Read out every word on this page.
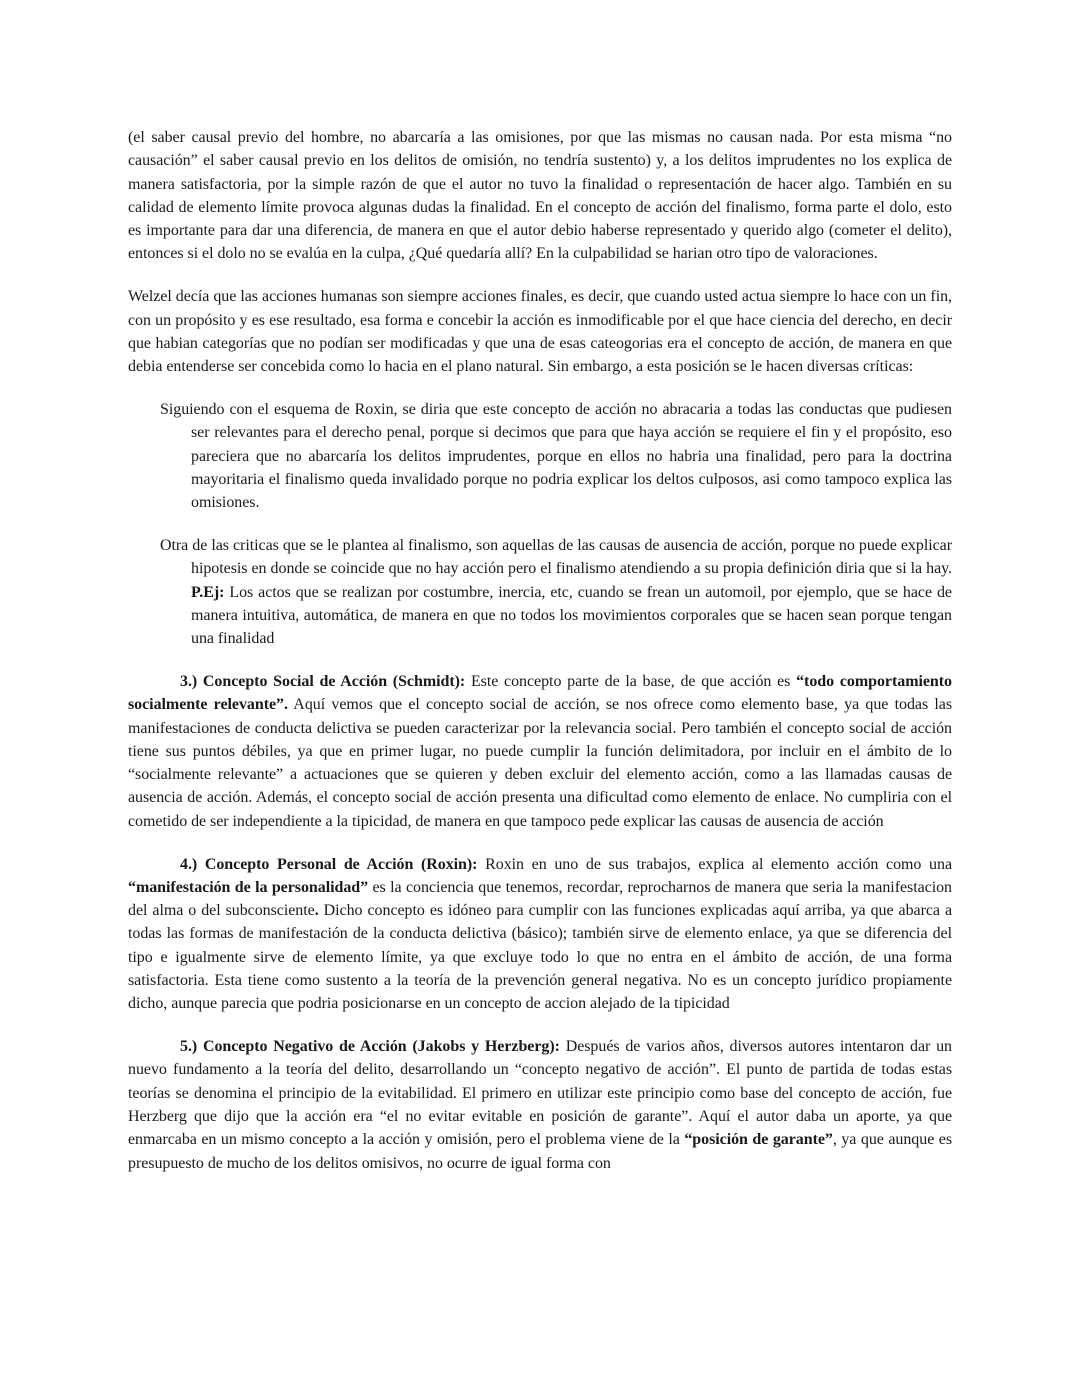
(el saber causal previo del hombre, no abarcaría a las omisiones, por que las mismas no causan nada. Por esta misma “no causación” el saber causal previo en los delitos de omisión, no tendría sustento) y, a los delitos imprudentes no los explica de manera satisfactoria, por la simple razón de que el autor no tuvo la finalidad o representación de hacer algo. También en su calidad de elemento límite provoca algunas dudas la finalidad. En el concepto de acción del finalismo, forma parte el dolo, esto es importante para dar una diferencia, de manera en que el autor debio haberse representado y querido algo (cometer el delito), entonces si el dolo no se evalúa en la culpa, ¿Qué quedaría allí? En la culpabilidad se harian otro tipo de valoraciones.

Welzel decía que las acciones humanas son siempre acciones finales, es decir, que cuando usted actua siempre lo hace con un fin, con un propósito y es ese resultado, esa forma e concebir la acción es inmodificable por el que hace ciencia del derecho, en decir que habian categorías que no podían ser modificadas y que una de esas cateogorias era el concepto de acción, de manera en que debia entenderse ser concebida como lo hacia en el plano natural. Sin embargo, a esta posición se le hacen diversas críticas:

Siguiendo con el esquema de Roxin, se diria que este concepto de acción no abracaria a todas las conductas que pudiesen ser relevantes para el derecho penal, porque si decimos que para que haya acción se requiere el fin y el propósito, eso pareciera que no abarcaría los delitos imprudentes, porque en ellos no habria una finalidad, pero para la doctrina mayoritaria el finalismo queda invalidado porque no podria explicar los deltos culposos, asi como tampoco explica las omisiones.

Otra de las criticas que se le plantea al finalismo, son aquellas de las causas de ausencia de acción, porque no puede explicar hipotesis en donde se coincide que no hay acción pero el finalismo atendiendo a su propia definición diria que si la hay. P.Ej: Los actos que se realizan por costumbre, inercia, etc, cuando se frean un automoil, por ejemplo, que se hace de manera intuitiva, automática, de manera en que no todos los movimientos corporales que se hacen sean porque tengan una finalidad

3.) Concepto Social de Acción (Schmidt): Este concepto parte de la base, de que acción es “todo comportamiento socialmente relevante”. Aquí vemos que el concepto social de acción, se nos ofrece como elemento base, ya que todas las manifestaciones de conducta delictiva se pueden caracterizar por la relevancia social. Pero también el concepto social de acción tiene sus puntos débiles, ya que en primer lugar, no puede cumplir la función delimitadora, por incluir en el ámbito de lo “socialmente relevante” a actuaciones que se quieren y deben excluir del elemento acción, como a las llamadas causas de ausencia de acción. Además, el concepto social de acción presenta una dificultad como elemento de enlace. No cumpliria con el cometido de ser independiente a la tipicidad, de manera en que tampoco pede explicar las causas de ausencia de acción

4.) Concepto Personal de Acción (Roxin): Roxin en uno de sus trabajos, explica al elemento acción como una “manifestación de la personalidad” es la conciencia que tenemos, recordar, reprocharnos de manera que seria la manifestacion del alma o del subconsciente. Dicho concepto es idóneo para cumplir con las funciones explicadas aquí arriba, ya que abarca a todas las formas de manifestación de la conducta delictiva (básico); también sirve de elemento enlace, ya que se diferencia del tipo e igualmente sirve de elemento límite, ya que excluye todo lo que no entra en el ámbito de acción, de una forma satisfactoria. Esta tiene como sustento a la teoría de la prevención general negativa. No es un concepto jurídico propiamente dicho, aunque parecia que podria posicionarse en un concepto de accion alejado de la tipicidad

5.) Concepto Negativo de Acción (Jakobs y Herzberg): Después de varios años, diversos autores intentaron dar un nuevo fundamento a la teoría del delito, desarrollando un “concepto negativo de acción”. El punto de partida de todas estas teorías se denomina el principio de la evitabilidad. El primero en utilizar este principio como base del concepto de acción, fue Herzberg que dijo que la acción era “el no evitar evitable en posición de garante”. Aquí el autor daba un aporte, ya que enmarcaba en un mismo concepto a la acción y omisión, pero el problema viene de la “posición de garante”, ya que aunque es presupuesto de mucho de los delitos omisivos, no ocurre de igual forma con
